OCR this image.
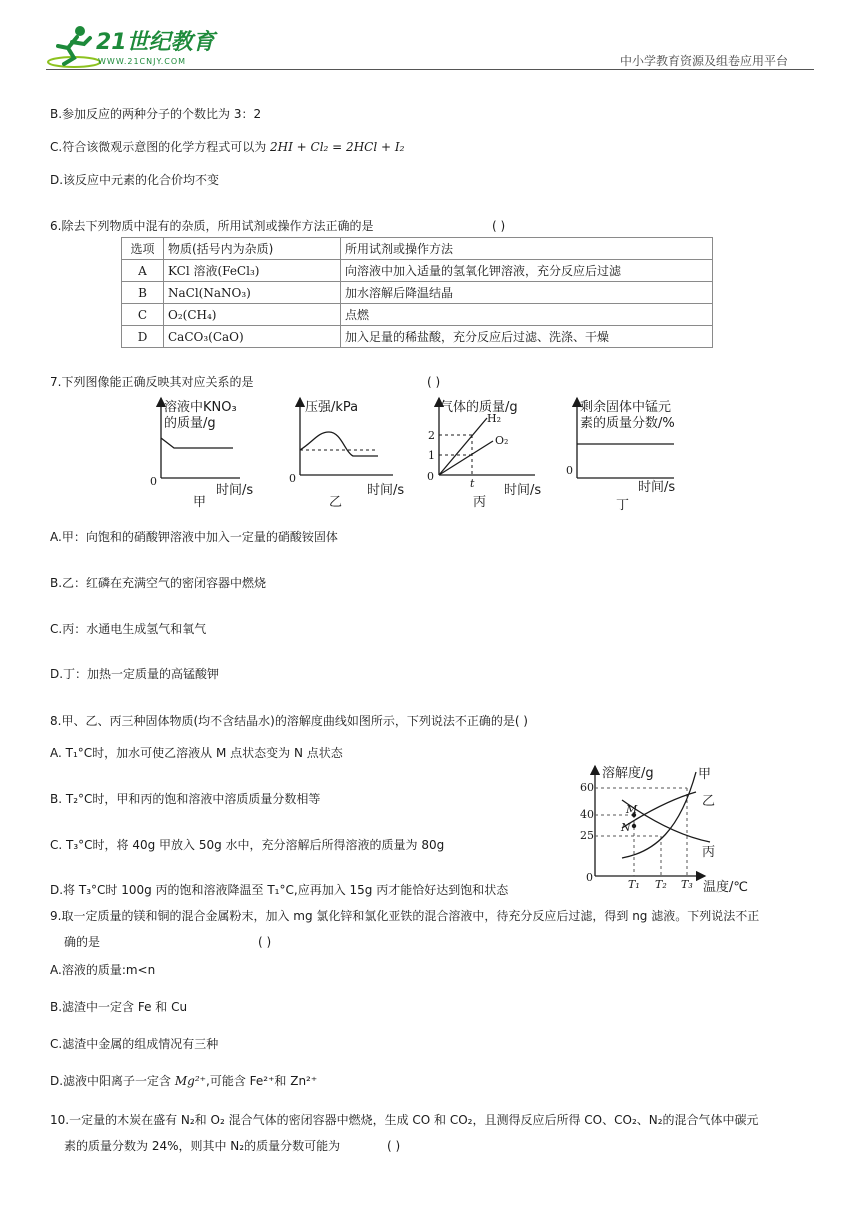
21世纪教育
WWW.21CNJY.COM	中小学教育资源及组卷应用平台
B.参加反应的两种分子的个数比为 3：2
C.符合该微观示意图的化学方程式可以为 2HI + Cl₂ = 2HCl + I₂
D.该反应中元素的化合价均不变
6.除去下列物质中混有的杂质，所用试剂或操作方法正确的是	( )
选项	物质(括号内为杂质)	所用试剂或操作方法
A	KCl 溶液(FeCl₃)	向溶液中加入适量的氢氧化钾溶液，充分反应后过滤
B	NaCl(NaNO₃)	加水溶解后降温结晶
C	O₂(CH₄)	点燃
D	CaCO₃(CaO)	加入足量的稀盐酸，充分反应后过滤、洗涤、干燥
7.下列图像能正确反映其对应关系的是	( )
溶液中KNO₃
的质量/g
0
时间/s
甲
压强/kPa
0
时间/s
乙
气体的质量/g
H₂
O₂
2
1
0
t 时间/s
丙
剩余固体中锰元
素的质量分数/%
0
时间/s
丁
A.甲：向饱和的硝酸钾溶液中加入一定量的硝酸铵固体
B.乙：红磷在充满空气的密闭容器中燃烧
C.丙：水通电生成氢气和氧气
D.丁：加热一定质量的高锰酸钾
8.甲、乙、丙三种固体物质(均不含结晶水)的溶解度曲线如图所示，下列说法不正确的是( )
A. T₁°C时，加水可使乙溶液从 M 点状态变为 N 点状态
B. T₂°C时，甲和丙的饱和溶液中溶质质量分数相等
C. T₃°C时，将 40g 甲放入 50g 水中，充分溶解后所得溶液的质量为 80g
D.将 T₃°C时 100g 丙的饱和溶液降温至 T₁°C,应再加入 15g 丙才能恰好达到饱和状态
溶解度/g
60
40
25
0
M
N
甲
乙
丙
T₁ T₂ T₃ 温度/℃
9.取一定质量的镁和铜的混合金属粉末，加入 mg 氯化锌和氯化亚铁的混合溶液中，待充分反应后过滤，得到 ng 滤液。下列说法不正
确的是	( )
A.溶液的质量:m<n
B.滤渣中一定含 Fe 和 Cu
C.滤渣中金属的组成情况有三种
D.滤液中阳离子一定含 Mg²⁺,可能含 Fe²⁺和 Zn²⁺
10.一定量的木炭在盛有 N₂和 O₂ 混合气体的密闭容器中燃烧，生成 CO 和 CO₂，且测得反应后所得 CO、CO₂、N₂的混合气体中碳元
素的质量分数为 24%，则其中 N₂的质量分数可能为	( )
